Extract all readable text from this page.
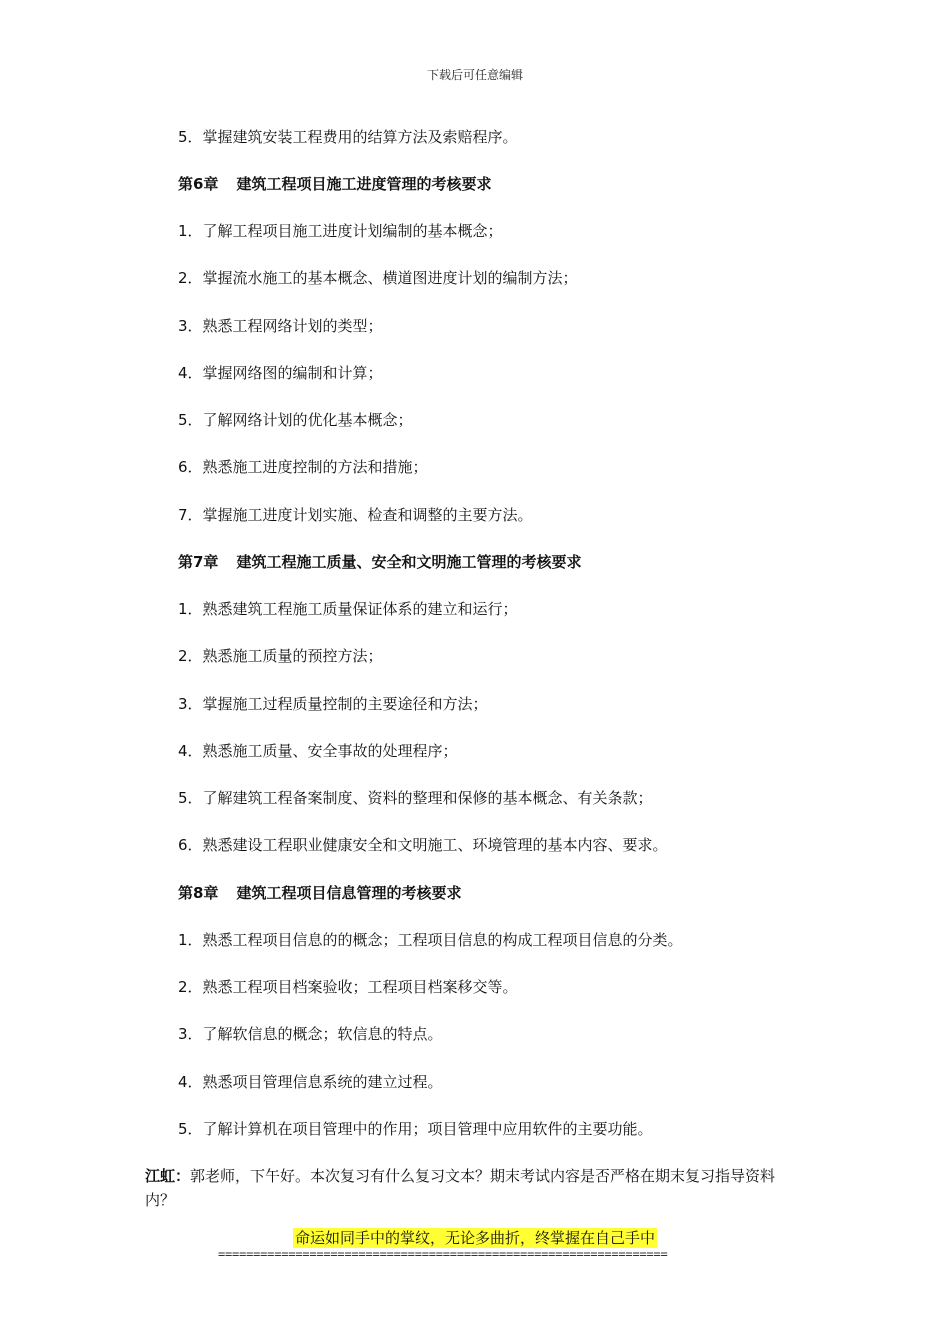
下载后可任意编辑
5．掌握建筑安装工程费用的结算方法及索赔程序。
第6章 建筑工程项目施工进度管理的考核要求
1．了解工程项目施工进度计划编制的基本概念；
2．掌握流水施工的基本概念、横道图进度计划的编制方法；
3．熟悉工程网络计划的类型；
4．掌握网络图的编制和计算；
5．了解网络计划的优化基本概念；
6．熟悉施工进度控制的方法和措施；
7．掌握施工进度计划实施、检查和调整的主要方法。
第7章 建筑工程施工质量、安全和文明施工管理的考核要求
1．熟悉建筑工程施工质量保证体系的建立和运行；
2．熟悉施工质量的预控方法；
3．掌握施工过程质量控制的主要途径和方法；
4．熟悉施工质量、安全事故的处理程序；
5．了解建筑工程备案制度、资料的整理和保修的基本概念、有关条款；
6．熟悉建设工程职业健康安全和文明施工、环境管理的基本内容、要求。
第8章 建筑工程项目信息管理的考核要求
1．熟悉工程项目信息的的概念；工程项目信息的构成工程项目信息的分类。
2．熟悉工程项目档案验收；工程项目档案移交等。
3．了解软信息的概念；软信息的特点。
4．熟悉项目管理信息系统的建立过程。
5．了解计算机在项目管理中的作用；项目管理中应用软件的主要功能。
江虹：郭老师，下午好。本次复习有什么复习文本？期末考试内容是否严格在期末复习指导资料内？
命运如同手中的掌纹，无论多曲折，终掌握在自己手中
================================================================
